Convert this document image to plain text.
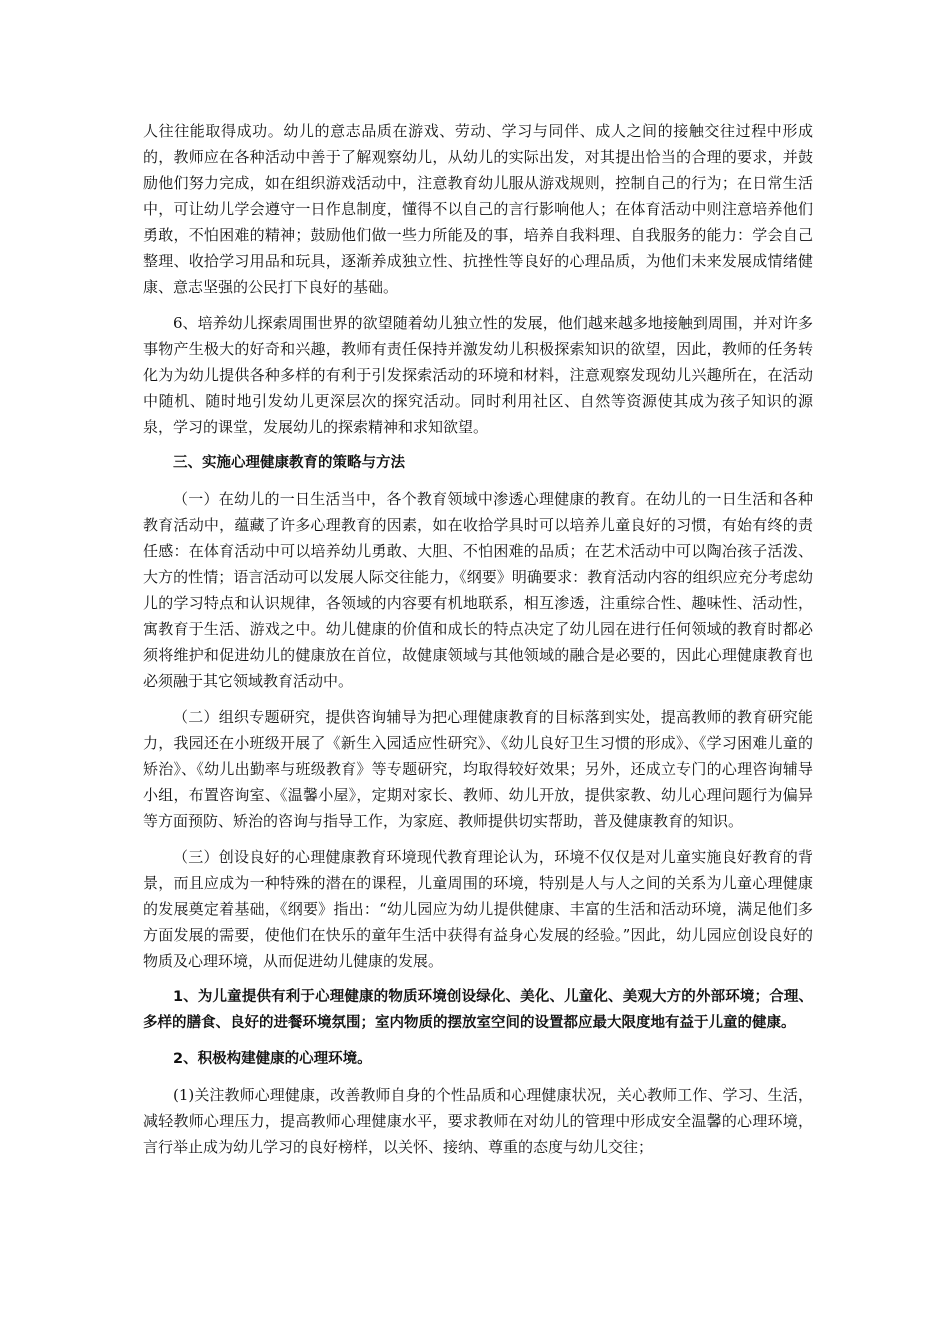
人往往能取得成功。幼儿的意志品质在游戏、劳动、学习与同伴、成人之间的接触交往过程中形成的，教师应在各种活动中善于了解观察幼儿，从幼儿的实际出发，对其提出恰当的合理的要求，并鼓励他们努力完成，如在组织游戏活动中，注意教育幼儿服从游戏规则，控制自己的行为；在日常生活中，可让幼儿学会遵守一日作息制度，懂得不以自己的言行影响他人；在体育活动中则注意培养他们勇敢，不怕困难的精神；鼓励他们做一些力所能及的事，培养自我料理、自我服务的能力：学会自己整理、收拾学习用品和玩具，逐渐养成独立性、抗挫性等良好的心理品质，为他们未来发展成情绪健康、意志坚强的公民打下良好的基础。

6、培养幼儿探索周围世界的欲望随着幼儿独立性的发展，他们越来越多地接触到周围，并对许多事物产生极大的好奇和兴趣，教师有责任保持并激发幼儿积极探索知识的欲望，因此，教师的任务转化为为幼儿提供各种多样的有利于引发探索活动的环境和材料，注意观察发现幼儿兴趣所在，在活动中随机、随时地引发幼儿更深层次的探究活动。同时利用社区、自然等资源使其成为孩子知识的源泉，学习的课堂，发展幼儿的探索精神和求知欲望。

三、实施心理健康教育的策略与方法

（一）在幼儿的一日生活当中，各个教育领域中渗透心理健康的教育。在幼儿的一日生活和各种教育活动中，蕴藏了许多心理教育的因素，如在收拾学具时可以培养儿童良好的习惯，有始有终的责任感：在体育活动中可以培养幼儿勇敢、大胆、不怕困难的品质；在艺术活动中可以陶冶孩子活泼、大方的性情；语言活动可以发展人际交往能力，《纲要》明确要求：教育活动内容的组织应充分考虑幼儿的学习特点和认识规律，各领域的内容要有机地联系，相互渗透，注重综合性、趣味性、活动性，寓教育于生活、游戏之中。幼儿健康的价值和成长的特点决定了幼儿园在进行任何领域的教育时都必须将维护和促进幼儿的健康放在首位，故健康领域与其他领域的融合是必要的，因此心理健康教育也必须融于其它领域教育活动中。

（二）组织专题研究，提供咨询辅导为把心理健康教育的目标落到实处，提高教师的教育研究能力，我园还在小班级开展了《新生入园适应性研究》、《幼儿良好卫生习惯的形成》、《学习困难儿童的矫治》、《幼儿出勤率与班级教育》等专题研究，均取得较好效果；另外，还成立专门的心理咨询辅导小组，布置咨询室、《温馨小屋》，定期对家长、教师、幼儿开放，提供家教、幼儿心理问题行为偏异等方面预防、矫治的咨询与指导工作，为家庭、教师提供切实帮助，普及健康教育的知识。

（三）创设良好的心理健康教育环境现代教育理论认为，环境不仅仅是对儿童实施良好教育的背景，而且应成为一种特殊的潜在的课程，儿童周围的环境，特别是人与人之间的关系为儿童心理健康的发展奠定着基础，《纲要》指出：“幼儿园应为幼儿提供健康、丰富的生活和活动环境，满足他们多方面发展的需要，使他们在快乐的童年生活中获得有益身心发展的经验。”因此，幼儿园应创设良好的物质及心理环境，从而促进幼儿健康的发展。

1、为儿童提供有利于心理健康的物质环境创设绿化、美化、儿童化、美观大方的外部环境；合理、多样的膳食、良好的进餐环境氛围；室内物质的摆放室空间的设置都应最大限度地有益于儿童的健康。

2、积极构建健康的心理环境。

(1)关注教师心理健康，改善教师自身的个性品质和心理健康状况，关心教师工作、学习、生活，减轻教师心理压力，提高教师心理健康水平，要求教师在对幼儿的管理中形成安全温馨的心理环境，言行举止成为幼儿学习的良好榜样，以关怀、接纳、尊重的态度与幼儿交往；
